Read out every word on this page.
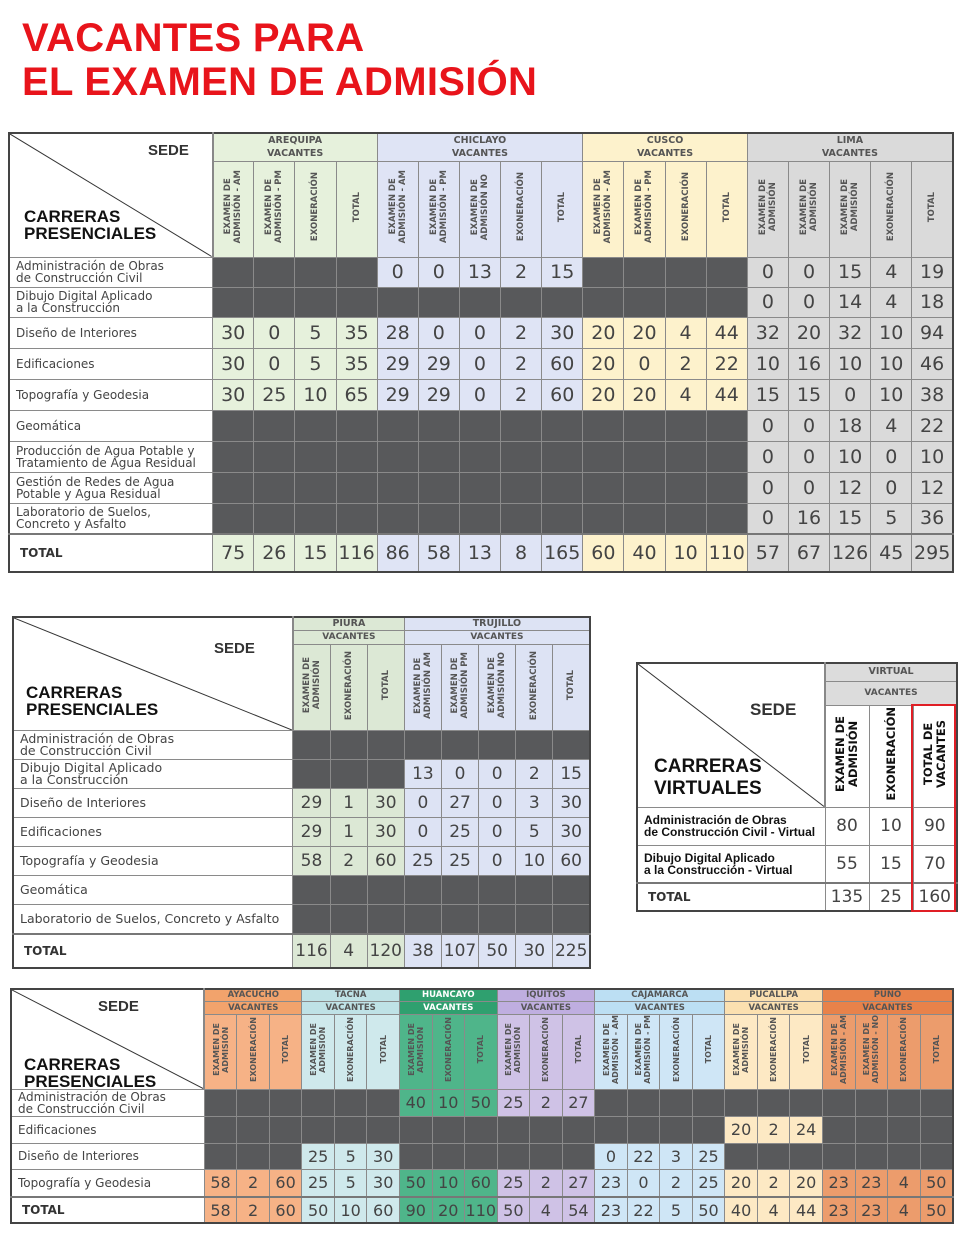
VACANTES PARA
EL EXAMEN DE ADMISIÓN
SEDE
CARRERAS
PRESENCIALES	AREQUIPA				CHICLAYO					CUSCO				LIMA				
	VACANTES				VACANTES					VACANTES				VACANTES				
	EXAMEN DE
ADMISIÓN - AM	EXAMEN DE
ADMISIÓN - PM	EXONERACIÓN	TOTAL	EXAMEN DE
ADMISIÓN - AM	EXAMEN DE
ADMISIÓN - PM	EXAMEN DE
ADMISIÓN NO	EXONERACIÓN	TOTAL	EXAMEN DE
ADMISIÓN - AM	EXAMEN DE
ADMISIÓN - PM	EXONERACIÓN	TOTAL	EXAMEN DE
ADMISIÓN	EXAMEN DE
ADMISIÓN	EXAMEN DE
ADMISIÓN	EXONERACIÓN	TOTAL
Administración de Obras
de Construcción Civil					0	0	13	2	15					0	0	15	4	19
Dibujo Digital Aplicado
a la Construcción														0	0	14	4	18
Diseño de Interiores	30	0	5	35	28	0	0	2	30	20	20	4	44	32	20	32	10	94
Edificaciones	30	0	5	35	29	29	0	2	60	20	0	2	22	10	16	10	10	46
Topografía y Geodesia	30	25	10	65	29	29	0	2	60	20	20	4	44	15	15	0	10	38
Geomática														0	0	18	4	22
Producción de Agua Potable y
Tratamiento de Agua Residual														0	0	10	0	10
Gestión de Redes de Agua
Potable y Agua Residual														0	0	12	0	12
Laboratorio de Suelos,
Concreto y Asfalto														0	16	15	5	36
TOTAL	75	26	15	116	86	58	13	8	165	60	40	10	110	57	67	126	45	295
SEDE
CARRERAS
PRESENCIALES	PIURA			TRUJILLO				
	VACANTES			VACANTES				
	EXAMEN DE
ADMISIÓN	EXONERACIÓN	TOTAL	EXAMEN DE
ADMISIÓN AM	EXAMEN DE
ADMISIÓN PM	EXAMEN DE
ADMISIÓN NO	EXONERACIÓN	TOTAL
Administración de Obras
de Construcción Civil								
Dibujo Digital Aplicado
a la Construcción				13	0	0	2	15
Diseño de Interiores	29	1	30	0	27	0	3	30
Edificaciones	29	1	30	0	25	0	5	30
Topografía y Geodesia	58	2	60	25	25	0	10	60
Geomática								
Laboratorio de Suelos, Concreto y Asfalto								
TOTAL	116	4	120	38	107	50	30	225
SEDE
CARRERAS
VIRTUALES	VIRTUAL		
	VACANTES		
	EXAMEN DE
ADMISIÓN	EXONERACIÓN	TOTAL DE
VACANTES
Administración de Obras
de Construcción Civil - Virtual	80	10	90
Dibujo Digital Aplicado
a la Construcción - Virtual	55	15	70
TOTAL	135	25	160
SEDE
CARRERAS
PRESENCIALES	AYACUCHO			TACNA			HUANCAYO			IQUITOS			CAJAMARCA				PUCALLPA			PUNO			
	VACANTES			VACANTES			VACANTES			VACANTES			VACANTES				VACANTES			VACANTES			
	EXAMEN DE
ADMISIÓN	EXONERACIÓN	TOTAL	EXAMEN DE
ADMISIÓN	EXONERACIÓN	TOTAL	EXAMEN DE
ADMISIÓN	EXONERACIÓN	TOTAL	EXAMEN DE
ADMISIÓN	EXONERACIÓN	TOTAL	EXAMEN DE
ADMISIÓN - AM	EXAMEN DE
ADMISIÓN - PM	EXONERACIÓN	TOTAL	EXAMEN DE
ADMISIÓN	EXONERACIÓN	TOTAL	EXAMEN DE
ADMISIÓN - AM	EXAMEN DE
ADMISIÓN - NO	EXONERACIÓN	TOTAL
Administración de Obras
de Construcción Civil							40	10	50	25	2	27											
Edificaciones																	20	2	24				
Diseño de Interiores				25	5	30							0	22	3	25							
Topografía y Geodesia	58	2	60	25	5	30	50	10	60	25	2	27	23	0	2	25	20	2	20	23	23	4	50
TOTAL	58	2	60	50	10	60	90	20	110	50	4	54	23	22	5	50	40	4	44	23	23	4	50
